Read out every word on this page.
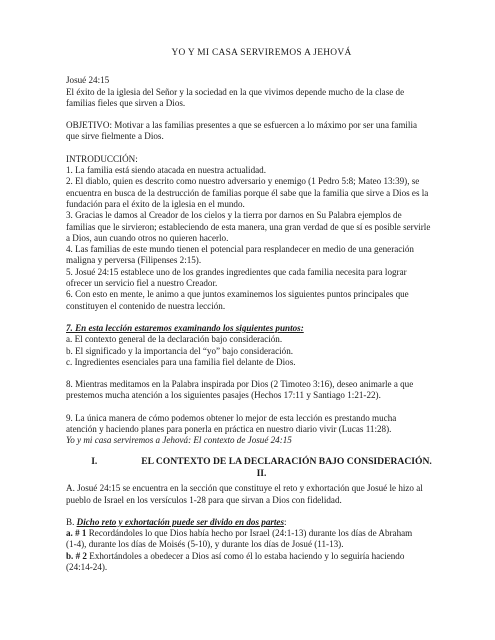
YO Y MI CASA SERVIREMOS A JEHOVÁ

Josué 24:15
El éxito de la iglesia del Señor y la sociedad en la que vivimos depende mucho de la clase de
familias fieles que sirven a Dios.

OBJETIVO: Motivar a las familias presentes a que se esfuercen a lo máximo por ser una familia
que sirve fielmente a Dios.

INTRODUCCIÓN:
1. La familia está siendo atacada en nuestra actualidad.
2. El diablo, quien es descrito como nuestro adversario y enemigo (1 Pedro 5:8; Mateo 13:39), se
encuentra en busca de la destrucción de familias porque él sabe que la familia que sirve a Dios es la
fundación para el éxito de la iglesia en el mundo.
3. Gracias le damos al Creador de los cielos y la tierra por darnos en Su Palabra ejemplos de
familias que le sirvieron; estableciendo de esta manera, una gran verdad de que sí es posible servirle
a Dios, aun cuando otros no quieren hacerlo.
4. Las familias de este mundo tienen el potencial para resplandecer en medio de una generación
maligna y perversa (Filipenses 2:15).
5. Josué 24:15 establece uno de los grandes ingredientes que cada familia necesita para lograr
ofrecer un servicio fiel a nuestro Creador.
6. Con esto en mente, le animo a que juntos examinemos los siguientes puntos principales que
constituyen el contenido de nuestra lección.

7. En esta lección estaremos examinando los siguientes puntos:
a. El contexto general de la declaración bajo consideración.
b. El significado y la importancia del “yo” bajo consideración.
c. Ingredientes esenciales para una familia fiel delante de Dios.

8. Mientras meditamos en la Palabra inspirada por Dios (2 Timoteo 3:16), deseo animarle a que
prestemos mucha atención a los siguientes pasajes (Hechos 17:11 y Santiago 1:21-22).

9. La única manera de cómo podemos obtener lo mejor de esta lección es prestando mucha
atención y haciendo planes para ponerla en práctica en nuestro diario vivir (Lucas 11:28).
Yo y mi casa serviremos a Jehová: El contexto de Josué 24:15

I.	EL CONTEXTO DE LA DECLARACIÓN BAJO CONSIDERACIÓN.
II.

A. Josué 24:15 se encuentra en la sección que constituye el reto y exhortación que Josué le hizo al
pueblo de Israel en los versículos 1-28 para que sirvan a Dios con fidelidad.

B. Dicho reto y exhortación puede ser divido en dos partes:
a. # 1 Recordándoles lo que Dios había hecho por Israel (24:1-13) durante los días de Abraham
(1-4), durante los días de Moisés (5-10), y durante los días de Josué (11-13).
b. # 2 Exhortándoles a obedecer a Dios así como él lo estaba haciendo y lo seguiría haciendo
(24:14-24).
